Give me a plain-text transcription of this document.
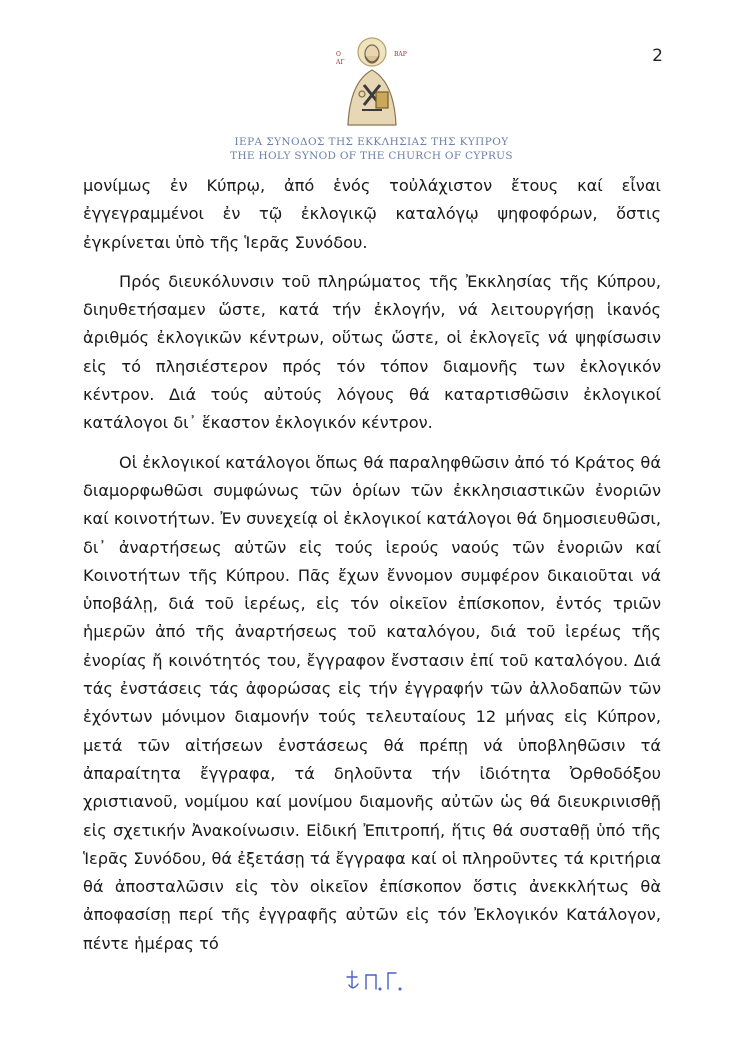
2
Ο
ΑΓ
ΒΑΡ
ΙΕΡΑ ΣΥΝΟΔΟΣ ΤΗΣ ΕΚΚΛΗΣΙΑΣ ΤΗΣ ΚΥΠΡΟΥ
THE HOLY SYNOD OF THE CHURCH OF CYPRUS

μονίμως ἐν Κύπρῳ, ἀπό ἑνός τοὐλάχιστον ἔτους καί εἶναι ἐγγεγραμμένοι ἐν τῷ ἐκλογικῷ καταλόγῳ ψηφοφόρων, ὅστις ἐγκρίνεται ὑπὸ τῆς Ἱερᾶς Συνόδου.

Πρός διευκόλυνσιν τοῦ πληρώματος τῆς Ἐκκλησίας τῆς Κύπρου, διηυθετήσαμεν ὥστε, κατά τήν ἐκλογήν, νά λειτουργήσῃ ἱκανός ἀριθμός ἐκλογικῶν κέντρων, οὕτως ὥστε, οἱ ἐκλογεῖς νά ψηφίσωσιν εἰς τό πλησιέστερον πρός τόν τόπον διαμονῆς των ἐκλογικόν κέντρον. Διά τούς αὐτούς λόγους θά καταρτισθῶσιν ἐκλογικοί κατάλογοι δι᾿ ἕκαστον ἐκλογικόν κέντρον.

Οἱ ἐκλογικοί κατάλογοι ὅπως θά παραληφθῶσιν ἀπό τό Κράτος θά διαμορφωθῶσι συμφώνως τῶν ὁρίων τῶν ἐκκλησιαστικῶν ἐνοριῶν καί κοινοτήτων. Ἐν συνεχείᾳ οἱ ἐκλογικοί κατάλογοι θά δημοσιευθῶσι, δι᾿ ἀναρτήσεως αὐτῶν εἰς τούς ἱερούς ναούς τῶν ἐνοριῶν καί Κοινοτήτων τῆς Κύπρου. Πᾶς ἔχων ἔννομον συμφέρον δικαιοῦται νά ὑποβάλῃ, διά τοῦ ἱερέως, εἰς τόν οἰκεῖον ἐπίσκοπον, ἐντός τριῶν ἡμερῶν ἀπό τῆς ἀναρτήσεως τοῦ καταλόγου, διά τοῦ ἱερέως τῆς ἐνορίας ἤ κοινότητός του, ἔγγραφον ἔνστασιν ἐπί τοῦ καταλόγου. Διά τάς ἐνστάσεις τάς ἀφορώσας εἰς τήν ἐγγραφήν τῶν ἀλλοδαπῶν τῶν ἐχόντων μόνιμον διαμονήν τούς τελευταίους 12 μήνας εἰς Κύπρον, μετά τῶν αἰτήσεων ἐνστάσεως θά πρέπῃ νά ὑποβληθῶσιν τά ἀπαραίτητα ἔγγραφα, τά δηλοῦντα τήν ἰδιότητα Ὀρθοδόξου χριστιανοῦ, νομίμου καί μονίμου διαμονῆς αὐτῶν ὡς θά διευκρινισθῇ εἰς σχετικήν Ἀνακοίνωσιν. Εἰδική Ἐπιτροπή, ἥτις θά συσταθῇ ὑπό τῆς Ἱερᾶς Συνόδου, θά ἐξετάσῃ τά ἔγγραφα καί οἱ πληροῦντες τά κριτήρια θά ἀποσταλῶσιν εἰς τὸν οἰκεῖον ἐπίσκοπον ὅστις ἀνεκκλήτως θὰ ἀποφασίσῃ περί τῆς ἐγγραφῆς αὐτῶν εἰς τόν Ἐκλογικόν Κατάλογον, πέντε ἡμέρας τό
